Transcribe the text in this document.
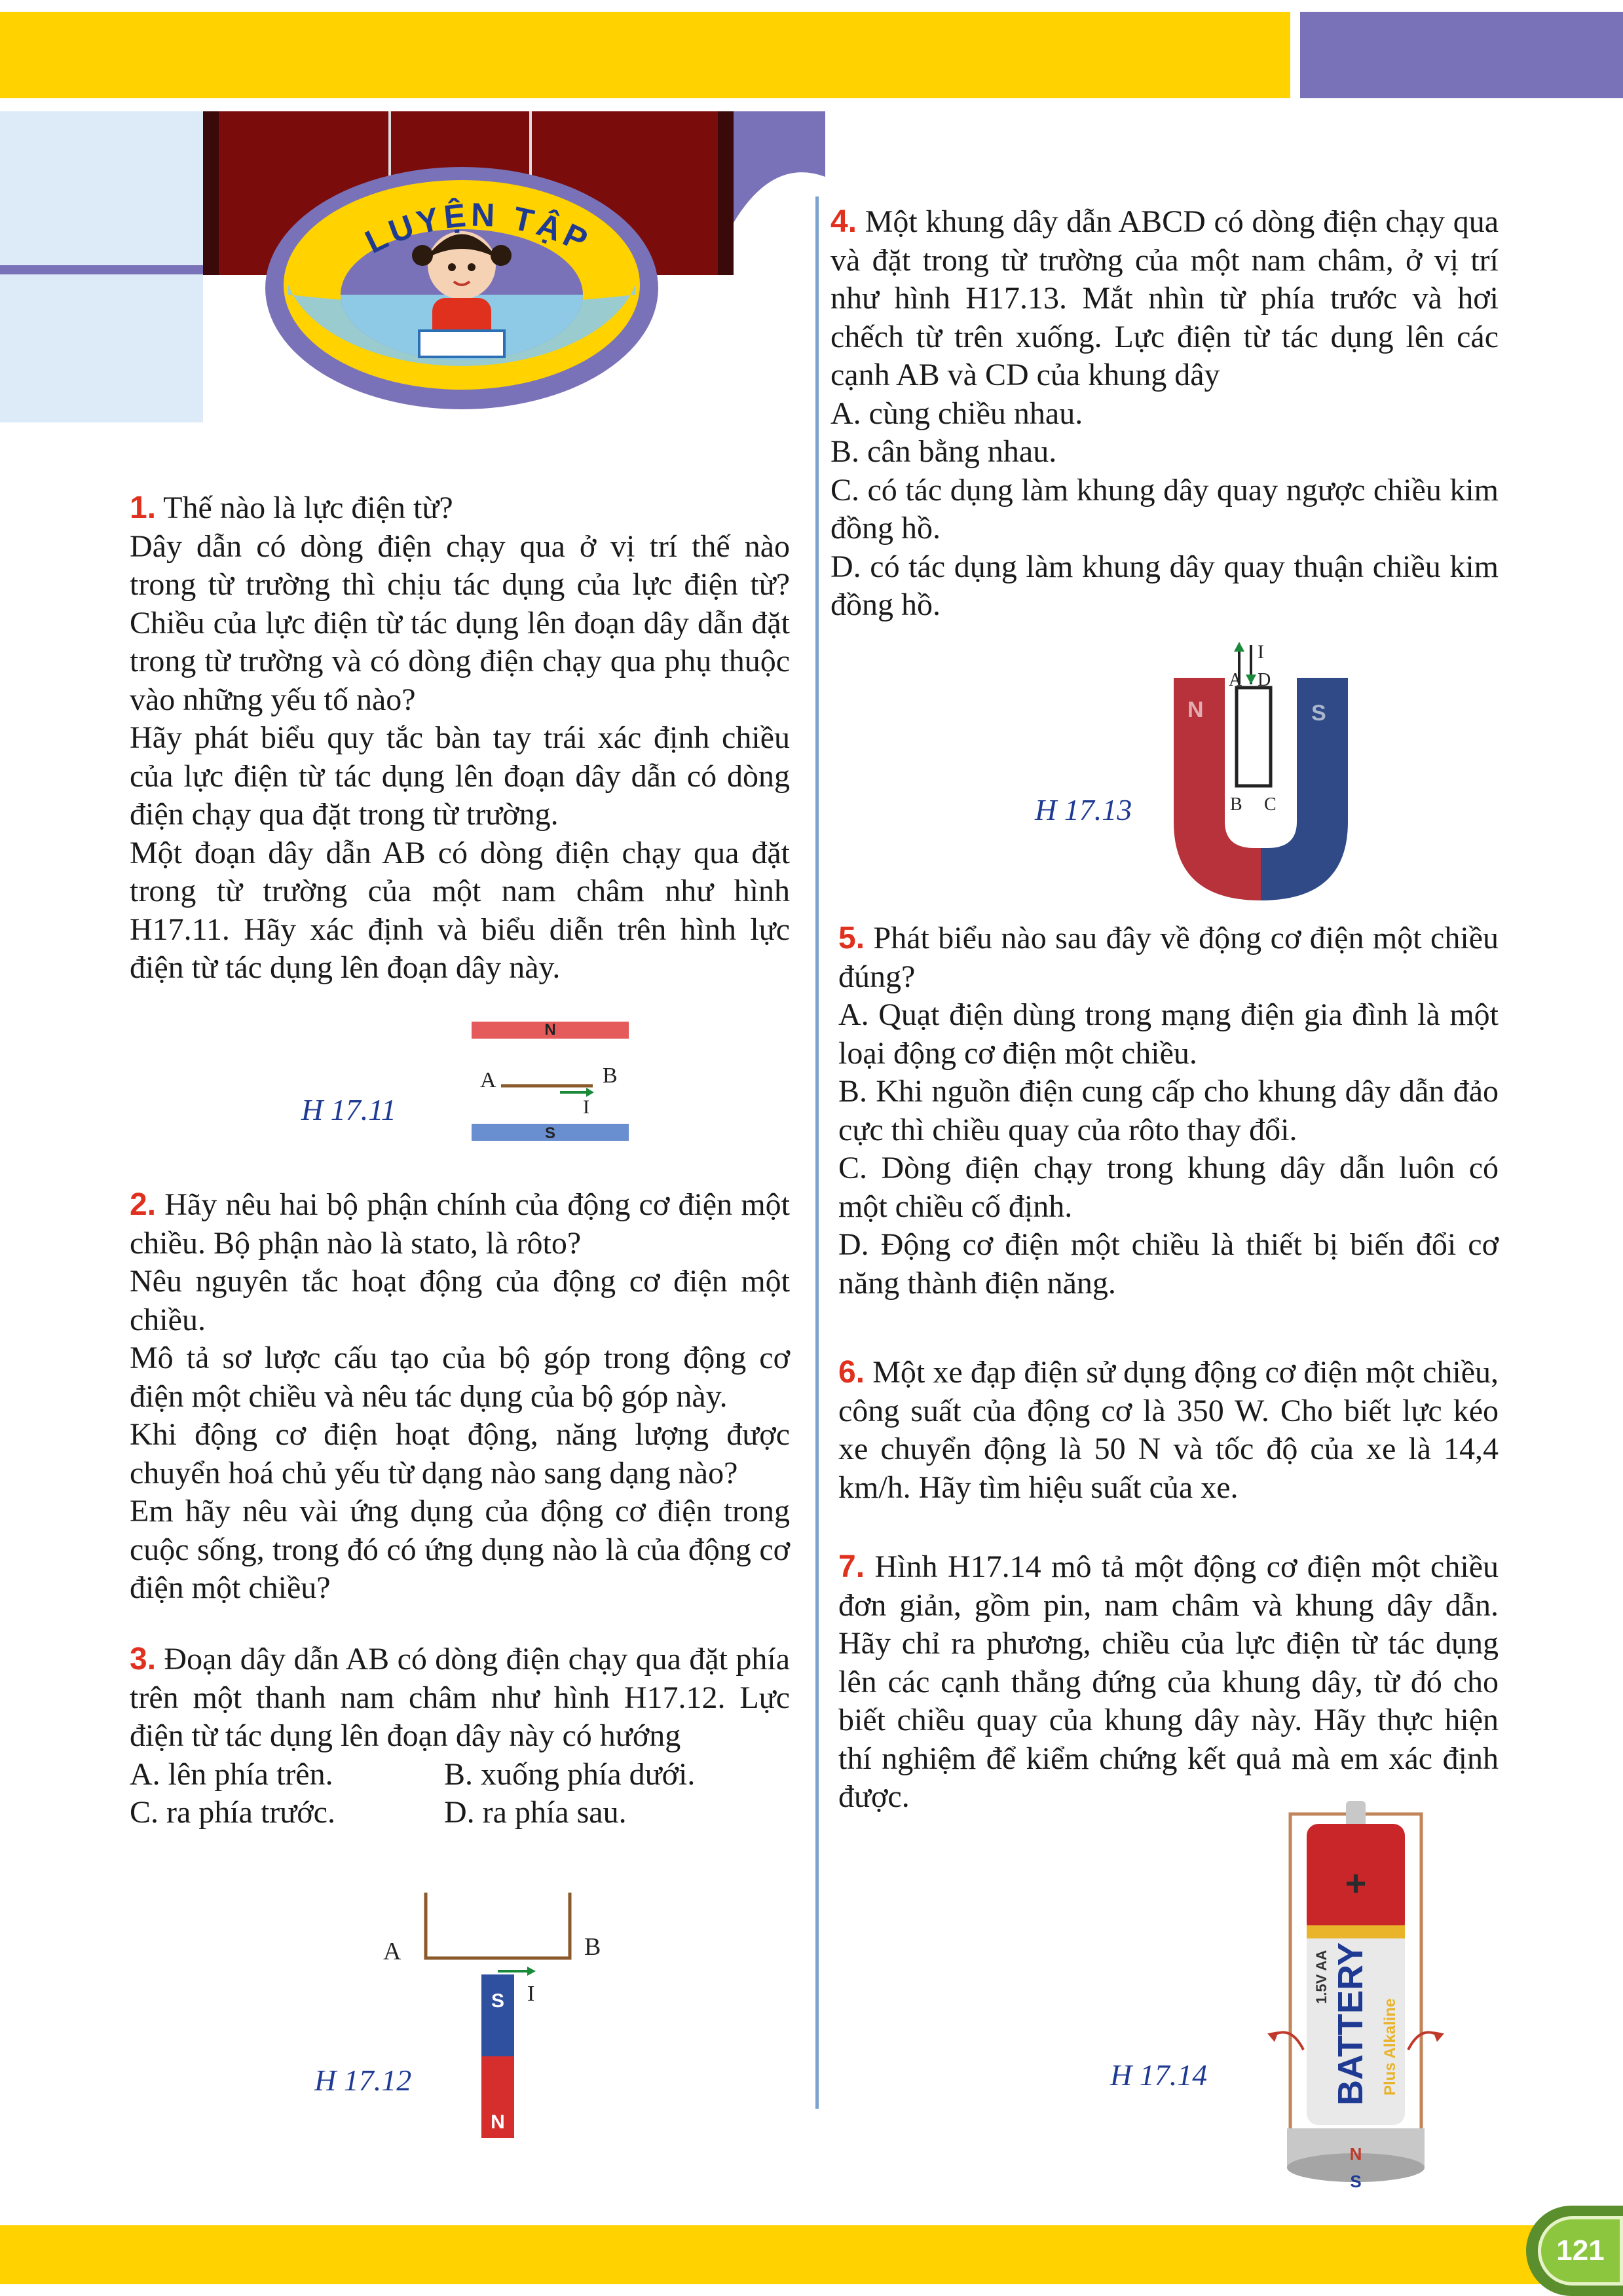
LUYỆN TẬP

1. Thế nào là lực điện từ?

Dây dẫn có dòng điện chạy qua ở vị trí thế nào trong từ trường thì chịu tác dụng của lực điện từ? Chiều của lực điện từ tác dụng lên đoạn dây dẫn đặt trong từ trường và có dòng điện chạy qua phụ thuộc vào những yếu tố nào?

Hãy phát biểu quy tắc bàn tay trái xác định chiều của lực điện từ tác dụng lên đoạn dây dẫn có dòng điện chạy qua đặt trong từ trường.

Một đoạn dây dẫn AB có dòng điện chạy qua đặt trong từ trường của một nam châm như hình H17.11. Hãy xác định và biểu diễn trên hình lực điện từ tác dụng lên đoạn dây này.

H 17.11
N
S
A	B
I

2. Hãy nêu hai bộ phận chính của động cơ điện một chiều. Bộ phận nào là stato, là rôto?

Nêu nguyên tắc hoạt động của động cơ điện một chiều.

Mô tả sơ lược cấu tạo của bộ góp trong động cơ điện một chiều và nêu tác dụng của bộ góp này.

Khi động cơ điện hoạt động, năng lượng được chuyển hoá chủ yếu từ dạng nào sang dạng nào?

Em hãy nêu vài ứng dụng của động cơ điện trong cuộc sống, trong đó có ứng dụng nào là của động cơ điện một chiều?

3. Đoạn dây dẫn AB có dòng điện chạy qua đặt phía trên một thanh nam châm như hình H17.12. Lực điện từ tác dụng lên đoạn dây này có hướng

A. lên phía trên.	B. xuống phía dưới.
C. ra phía trước.	D. ra phía sau.
H 17.12
A	B
I
S
N

4. Một khung dây dẫn ABCD có dòng điện chạy qua và đặt trong từ trường của một nam châm, ở vị trí như hình H17.13. Mắt nhìn từ phía trước và hơi chếch từ trên xuống. Lực điện từ tác dụng lên các cạnh AB và CD của khung dây

A. cùng chiều nhau.

B. cân bằng nhau.

C. có tác dụng làm khung dây quay ngược chiều kim đồng hồ.

D. có tác dụng làm khung dây quay thuận chiều kim đồng hồ.

H 17.13
N	S
I
A D
B C

5. Phát biểu nào sau đây về động cơ điện một chiều đúng?

A. Quạt điện dùng trong mạng điện gia đình là một loại động cơ điện một chiều.

B. Khi nguồn điện cung cấp cho khung dây dẫn đảo cực thì chiều quay của rôto thay đổi.

C. Dòng điện chạy trong khung dây dẫn luôn có một chiều cố định.

D. Động cơ điện một chiều là thiết bị biến đổi cơ năng thành điện năng.

6. Một xe đạp điện sử dụng động cơ điện một chiều, công suất của động cơ là 350 W. Cho biết lực kéo xe chuyển động là 50 N và tốc độ của xe là 14,4 km/h. Hãy tìm hiệu suất của xe.

7. Hình H17.14 mô tả một động cơ điện một chiều đơn giản, gồm pin, nam châm và khung dây dẫn. Hãy chỉ ra phương, chiều của lực điện từ tác dụng lên các cạnh thẳng đứng của khung dây, từ đó cho biết chiều quay của khung dây này. Hãy thực hiện thí nghiệm để kiểm chứng kết quả mà em xác định được.

H 17.14
+
BATTERY
1.5V AA
Plus Alkaline
N
S
121
